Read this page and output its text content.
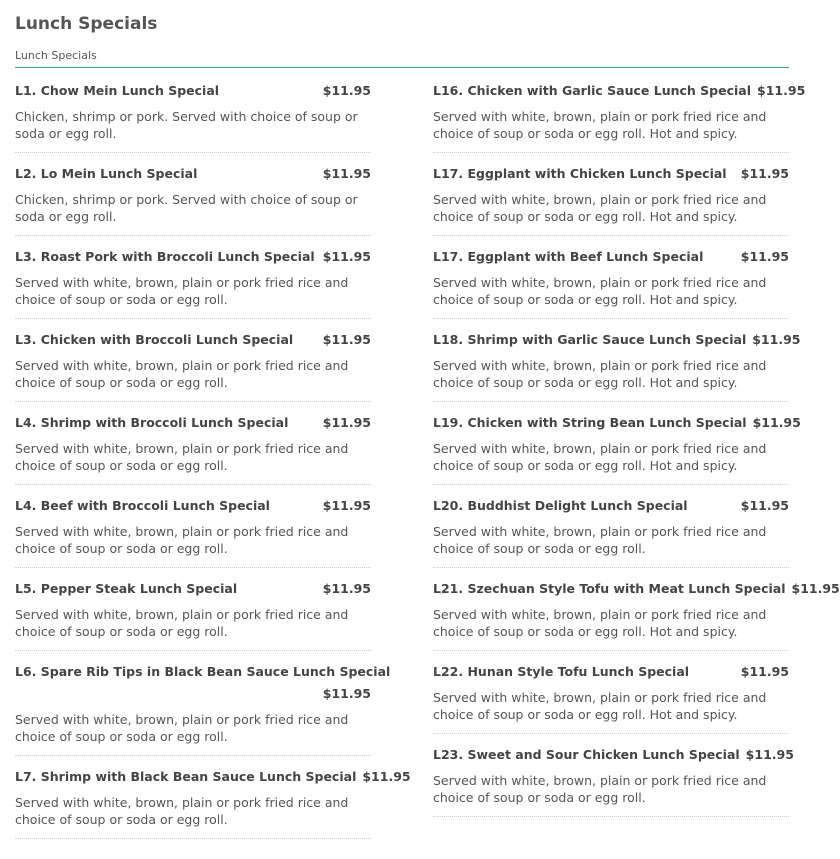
Lunch Specials
Lunch Specials
L1. Chow Mein Lunch Special	$11.95
Chicken, shrimp or pork. Served with choice of soup or soda or egg roll.
L2. Lo Mein Lunch Special	$11.95
Chicken, shrimp or pork. Served with choice of soup or soda or egg roll.
L3. Roast Pork with Broccoli Lunch Special $11.95
Served with white, brown, plain or pork fried rice and choice of soup or soda or egg roll.
L3. Chicken with Broccoli Lunch Special	$11.95
Served with white, brown, plain or pork fried rice and choice of soup or soda or egg roll.
L4. Shrimp with Broccoli Lunch Special	$11.95
Served with white, brown, plain or pork fried rice and choice of soup or soda or egg roll.
L4. Beef with Broccoli Lunch Special	$11.95
Served with white, brown, plain or pork fried rice and choice of soup or soda or egg roll.
L5. Pepper Steak Lunch Special	$11.95
Served with white, brown, plain or pork fried rice and choice of soup or soda or egg roll.
L6. Spare Rib Tips in Black Bean Sauce Lunch Special
$11.95
Served with white, brown, plain or pork fried rice and choice of soup or soda or egg roll.
L7. Shrimp with Black Bean Sauce Lunch Special $11.95
Served with white, brown, plain or pork fried rice and choice of soup or soda or egg roll.
L16. Chicken with Garlic Sauce Lunch Special $11.95
Served with white, brown, plain or pork fried rice and choice of soup or soda or egg roll. Hot and spicy.
L17. Eggplant with Chicken Lunch Special	$11.95
Served with white, brown, plain or pork fried rice and choice of soup or soda or egg roll. Hot and spicy.
L17. Eggplant with Beef Lunch Special	$11.95
Served with white, brown, plain or pork fried rice and choice of soup or soda or egg roll. Hot and spicy.
L18. Shrimp with Garlic Sauce Lunch Special $11.95
Served with white, brown, plain or pork fried rice and choice of soup or soda or egg roll. Hot and spicy.
L19. Chicken with String Bean Lunch Special $11.95
Served with white, brown, plain or pork fried rice and choice of soup or soda or egg roll. Hot and spicy.
L20. Buddhist Delight Lunch Special	$11.95
Served with white, brown, plain or pork fried rice and choice of soup or soda or egg roll.
L21. Szechuan Style Tofu with Meat Lunch Special $11.95
Served with white, brown, plain or pork fried rice and choice of soup or soda or egg roll. Hot and spicy.
L22. Hunan Style Tofu Lunch Special	$11.95
Served with white, brown, plain or pork fried rice and choice of soup or soda or egg roll. Hot and spicy.
L23. Sweet and Sour Chicken Lunch Special $11.95
Served with white, brown, plain or pork fried rice and choice of soup or soda or egg roll.
